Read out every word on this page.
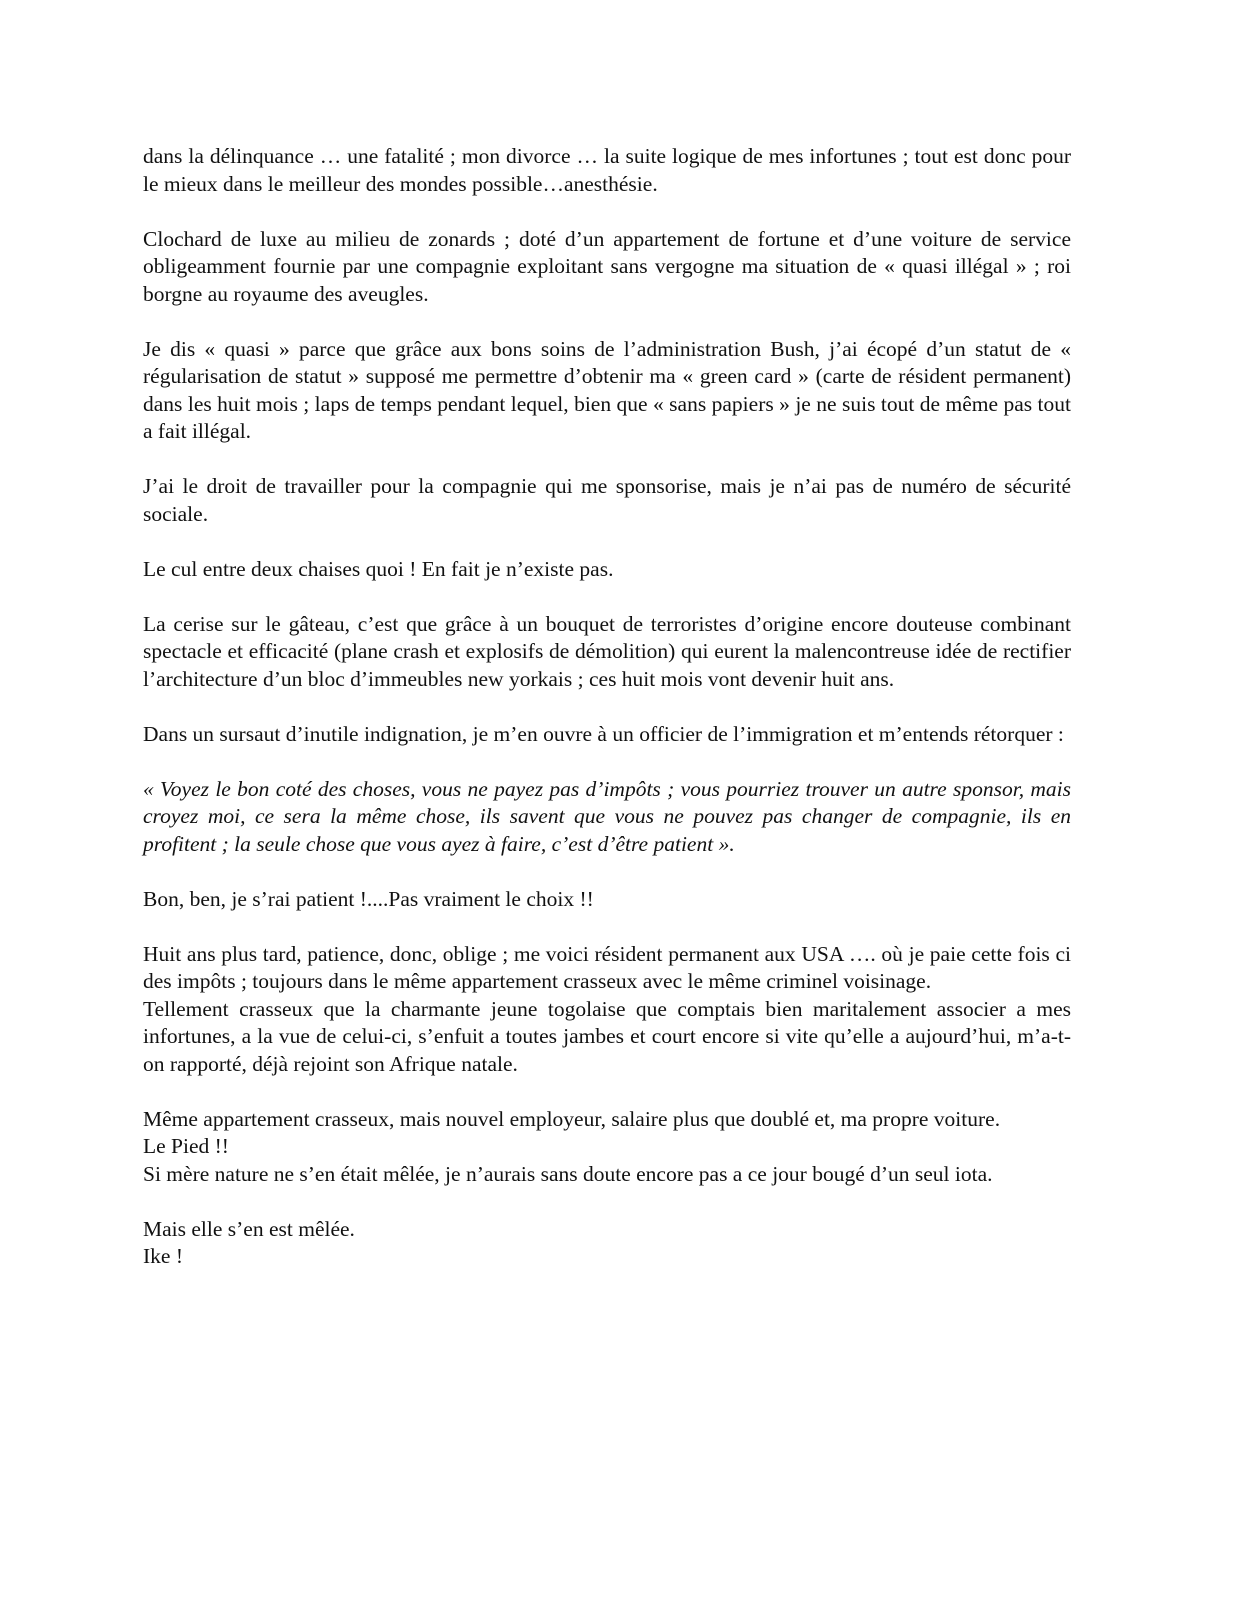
dans la délinquance … une fatalité ; mon divorce … la suite logique de mes infortunes ; tout est donc pour le mieux dans le meilleur des mondes possible…anesthésie.

Clochard de luxe au milieu de zonards ; doté d’un appartement de fortune et d’une voiture de service obligeamment fournie par une compagnie exploitant sans vergogne ma situation de « quasi illégal » ; roi borgne au royaume des aveugles.

Je dis « quasi » parce que grâce aux bons soins de l’administration Bush, j’ai écopé d’un statut de « régularisation de statut » supposé me permettre d’obtenir ma « green card » (carte de résident permanent) dans les huit mois ; laps de temps pendant lequel, bien que « sans papiers » je ne suis tout de même pas tout a fait illégal.

J’ai le droit de travailler pour la compagnie qui me sponsorise, mais je n’ai pas de numéro de sécurité sociale.

Le cul entre deux chaises quoi ! En fait je n’existe pas.

La cerise sur le gâteau, c’est que grâce à un bouquet de terroristes d’origine encore douteuse combinant spectacle et efficacité (plane crash et explosifs de démolition) qui eurent la malencontreuse idée de rectifier l’architecture d’un bloc d’immeubles new yorkais ; ces huit mois vont devenir huit ans.

Dans un sursaut d’inutile indignation, je m’en ouvre à un officier de l’immigration et m’entends rétorquer :

« Voyez le bon coté des choses, vous ne payez pas d’impôts ; vous pourriez trouver un autre sponsor, mais croyez moi, ce sera la même chose, ils savent que vous ne pouvez pas changer de compagnie, ils en profitent ; la seule chose que vous ayez à faire, c’est d’être patient ».

Bon, ben, je s’rai patient !....Pas vraiment le choix !!

Huit ans plus tard, patience, donc, oblige ; me voici résident permanent aux USA …. où je paie cette fois ci des impôts ; toujours dans le même appartement crasseux avec le même criminel voisinage.

Tellement crasseux que la charmante jeune togolaise que comptais bien maritalement associer a mes infortunes, a la vue de celui-ci, s’enfuit a toutes jambes et court encore si vite qu’elle a aujourd’hui, m’a-t-on rapporté, déjà rejoint son Afrique natale.

Même appartement crasseux, mais nouvel employeur, salaire plus que doublé et, ma propre voiture.

Le Pied !!

Si mère nature ne s’en était mêlée, je n’aurais sans doute encore pas a ce jour bougé d’un seul iota.

Mais elle s’en est mêlée.

Ike !
